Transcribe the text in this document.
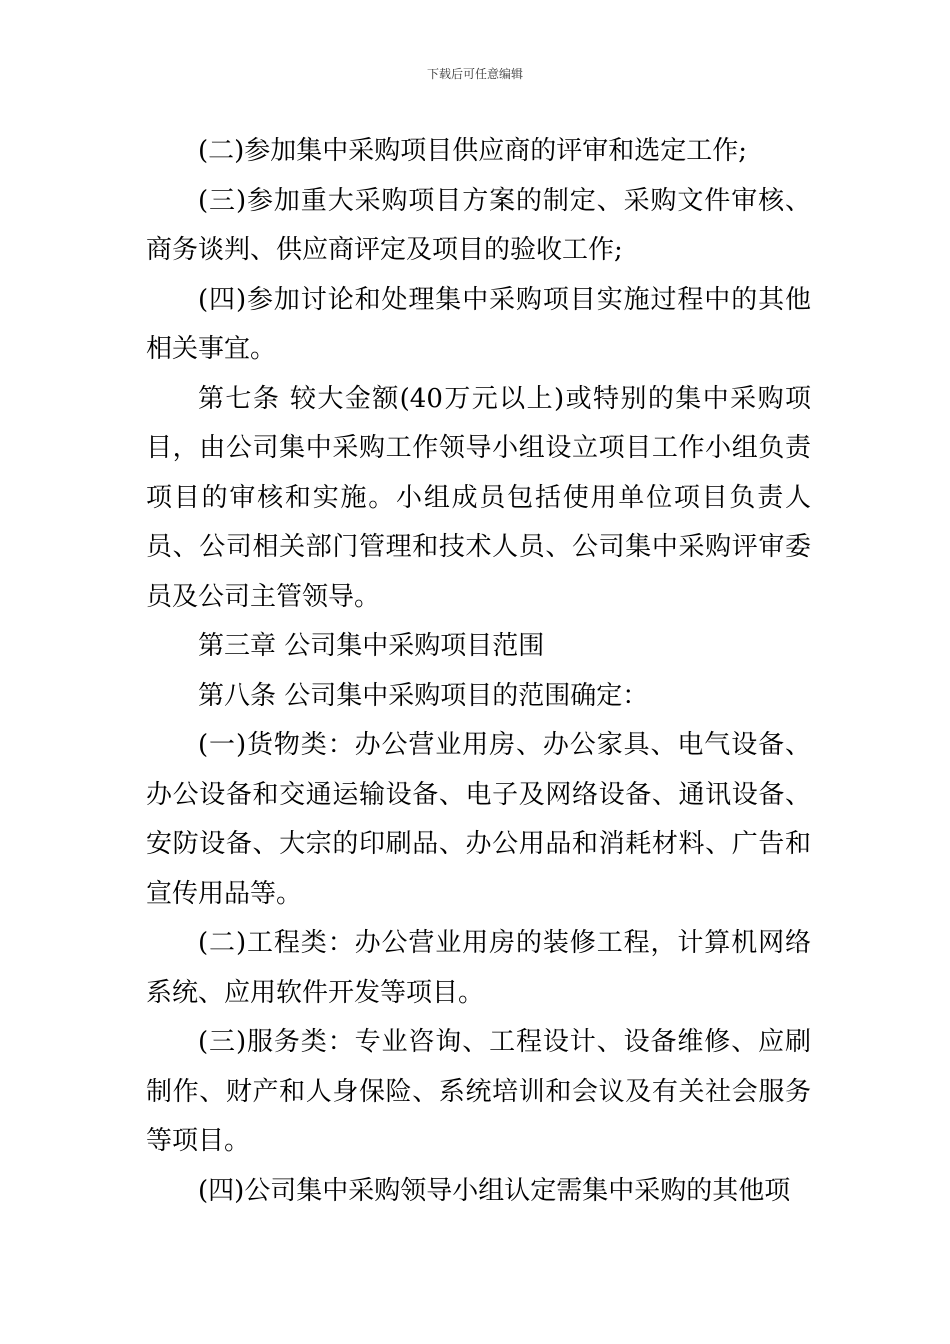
下载后可任意编辑

(二)参加集中采购项目供应商的评审和选定工作;

(三)参加重大采购项目方案的制定、采购文件审核、商务谈判、供应商评定及项目的验收工作;

(四)参加讨论和处理集中采购项目实施过程中的其他相关事宜。

第七条 较大金额(40万元以上)或特别的集中采购项目，由公司集中采购工作领导小组设立项目工作小组负责项目的审核和实施。小组成员包括使用单位项目负责人员、公司相关部门管理和技术人员、公司集中采购评审委员及公司主管领导。

第三章 公司集中采购项目范围

第八条 公司集中采购项目的范围确定：

(一)货物类：办公营业用房、办公家具、电气设备、办公设备和交通运输设备、电子及网络设备、通讯设备、安防设备、大宗的印刷品、办公用品和消耗材料、广告和宣传用品等。

(二)工程类：办公营业用房的装修工程，计算机网络系统、应用软件开发等项目。

(三)服务类：专业咨询、工程设计、设备维修、应刷制作、财产和人身保险、系统培训和会议及有关社会服务等项目。

(四)公司集中采购领导小组认定需集中采购的其他项
